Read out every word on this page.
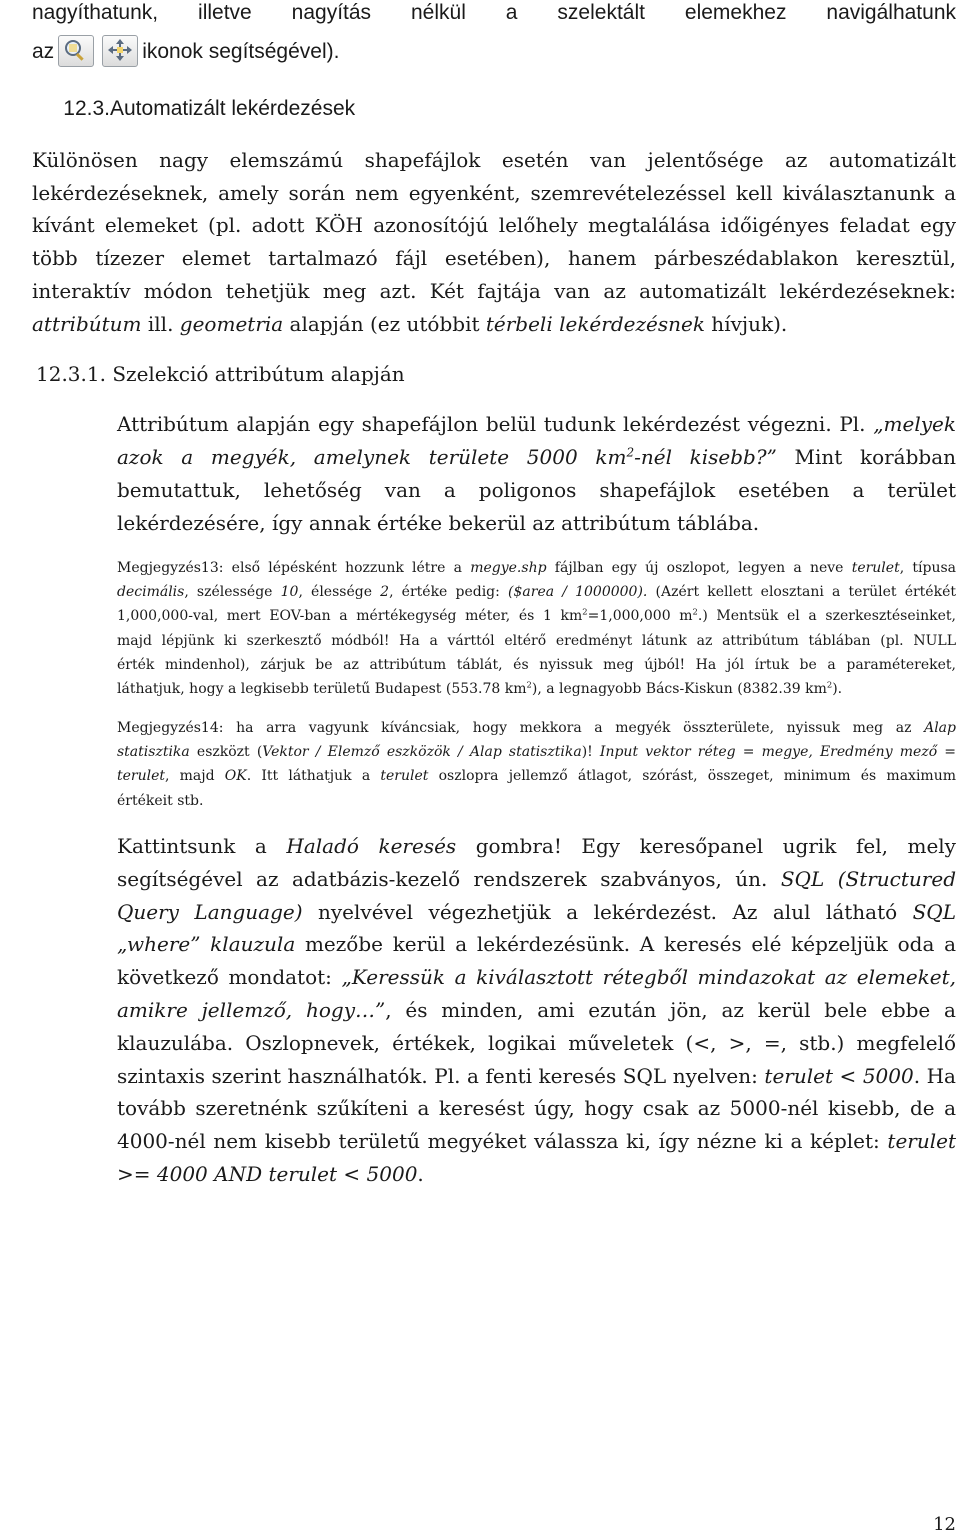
nagyíthatunk, illetve nagyítás nélkül a szelektált elemekhez navigálhatunk
az	ikonok segítségével).
12.3.Automatizált lekérdezések
Különösen nagy elemszámú shapefájlok esetén van jelentősége az automatizált
lekérdezéseknek, amely során nem egyenként, szemrevételezéssel kell kiválasztanunk a
kívánt elemeket (pl. adott KÖH azonosítójú lelőhely megtalálása időigényes feladat egy
több tízezer elemet tartalmazó fájl esetében), hanem párbeszédablakon keresztül,
interaktív módon tehetjük meg azt. Két fajtája van az automatizált lekérdezéseknek:
attribútum ill. geometria alapján (ez utóbbit térbeli lekérdezésnek hívjuk).
12.3.1. Szelekció attribútum alapján
Attribútum alapján egy shapefájlon belül tudunk lekérdezést végezni. Pl. „melyek
azok a megyék, amelynek területe 5000 $km^2$-nél kisebb?” Mint korábban
bemutattuk, lehetőség van a poligonos shapefájlok esetében a terület
lekérdezésére, így annak értéke bekerül az attribútum táblába.
Megjegyzés13: első lépésként hozzunk létre a megye.shp fájlban egy új oszlopot, legyen a neve terulet, típusa
decimális, szélessége 10, élessége 2, értéke pedig: ($area / 1000000). (Azért kellett elosztani a terület értékét
1,000,000-val, mert EOV-ban a mértékegység méter, és 1 $km^2=1,000,000$ $m^2$.) Mentsük el a szerkesztéseinket,
majd lépjünk ki szerkesztő módból! Ha a várttól eltérő eredményt látunk az attribútum táblában (pl. NULL
érték mindenhol), zárjuk be az attribútum táblát, és nyissuk meg újból! Ha jól írtuk be a paramétereket,
láthatjuk, hogy a legkisebb területű Budapest (553.78 $km^2$), a legnagyobb Bács-Kiskun (8382.39 $km^2$).
Megjegyzés14: ha arra vagyunk kíváncsiak, hogy mekkora a megyék összterülete, nyissuk meg az Alap
statisztika eszközt (Vektor / Elemző eszközök / Alap statisztika)! Input vektor réteg = megye, Eredmény mező =
terulet, majd OK. Itt láthatjuk a terulet oszlopra jellemző átlagot, szórást, összeget, minimum és maximum
értékeit stb.
Kattintsunk a Haladó keresés gombra! Egy keresőpanel ugrik fel, mely
segítségével az adatbázis-kezelő rendszerek szabványos, ún. SQL (Structured
Query Language) nyelvével végezhetjük a lekérdezést. Az alul látható SQL
„where” klauzula mezőbe kerül a lekérdezésünk. A keresés elé képzeljük oda a
következő mondatot: „Keressük a kiválasztott rétegből mindazokat az elemeket,
amikre jellemző, hogy…”, és minden, ami ezután jön, az kerül bele ebbe a
klauzulába. Oszlopnevek, értékek, logikai műveletek (<, >, =, stb.) megfelelő
szintaxis szerint használhatók. Pl. a fenti keresés SQL nyelven: terulet < 5000. Ha
tovább szeretnénk szűkíteni a keresést úgy, hogy csak az 5000-nél kisebb, de a
4000-nél nem kisebb területű megyéket válassza ki, így nézne ki a képlet: terulet
>= 4000 AND terulet < 5000.
12
